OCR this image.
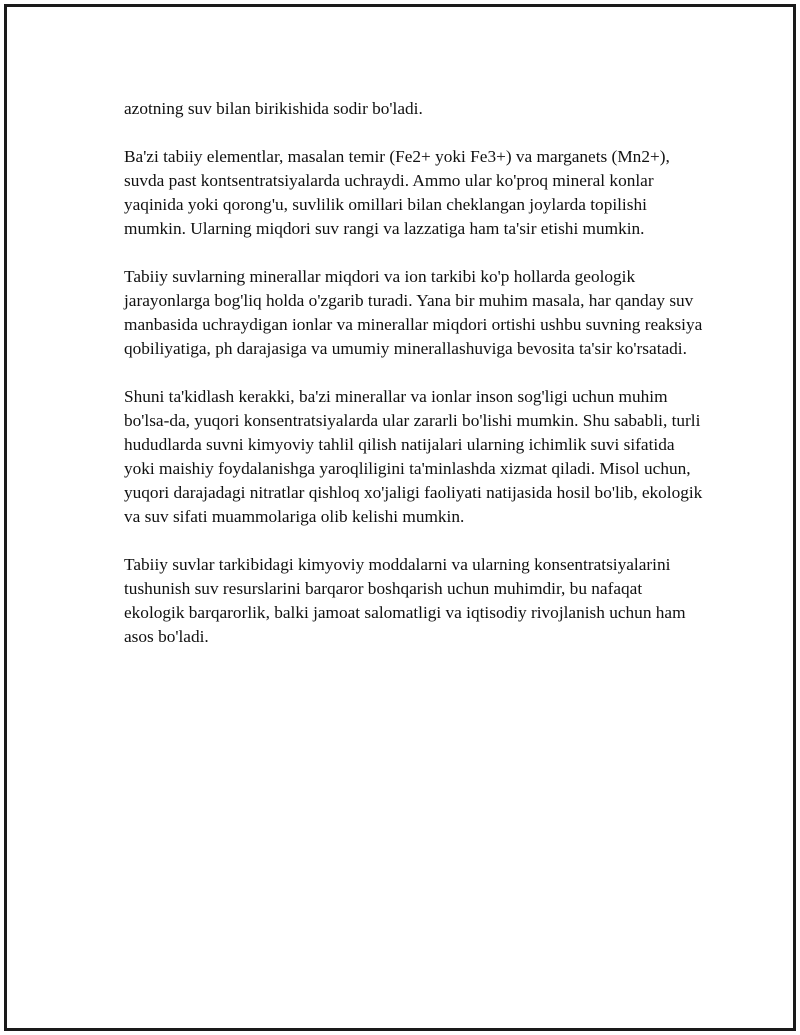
azotning suv bilan birikishida sodir bo'ladi.

Ba'zi tabiiy elementlar, masalan temir (Fe2+ yoki Fe3+) va marganets (Mn2+), suvda past kontsentratsiyalarda uchraydi. Ammo ular ko'proq mineral konlar yaqinida yoki qorong'u, suvlilik omillari bilan cheklangan joylarda topilishi mumkin. Ularning miqdori suv rangi va lazzatiga ham ta'sir etishi mumkin.

Tabiiy suvlarning minerallar miqdori va ion tarkibi ko'p hollarda geologik jarayonlarga bog'liq holda o'zgarib turadi. Yana bir muhim masala, har qanday suv manbasida uchraydigan ionlar va minerallar miqdori ortishi ushbu suvning reaksiya qobiliyatiga, ph darajasiga va umumiy minerallashuviga bevosita ta'sir ko'rsatadi.

Shuni ta'kidlash kerakki, ba'zi minerallar va ionlar inson sog'ligi uchun muhim bo'lsa-da, yuqori konsentratsiyalarda ular zararli bo'lishi mumkin. Shu sababli, turli hududlarda suvni kimyoviy tahlil qilish natijalari ularning ichimlik suvi sifatida yoki maishiy foydalanishga yaroqliligini ta'minlashda xizmat qiladi. Misol uchun, yuqori darajadagi nitratlar qishloq xo'jaligi faoliyati natijasida hosil bo'lib, ekologik va suv sifati muammolariga olib kelishi mumkin.

Tabiiy suvlar tarkibidagi kimyoviy moddalarni va ularning konsentratsiyalarini tushunish suv resurslarini barqaror boshqarish uchun muhimdir, bu nafaqat ekologik barqarorlik, balki jamoat salomatligi va iqtisodiy rivojlanish uchun ham asos bo'ladi.
